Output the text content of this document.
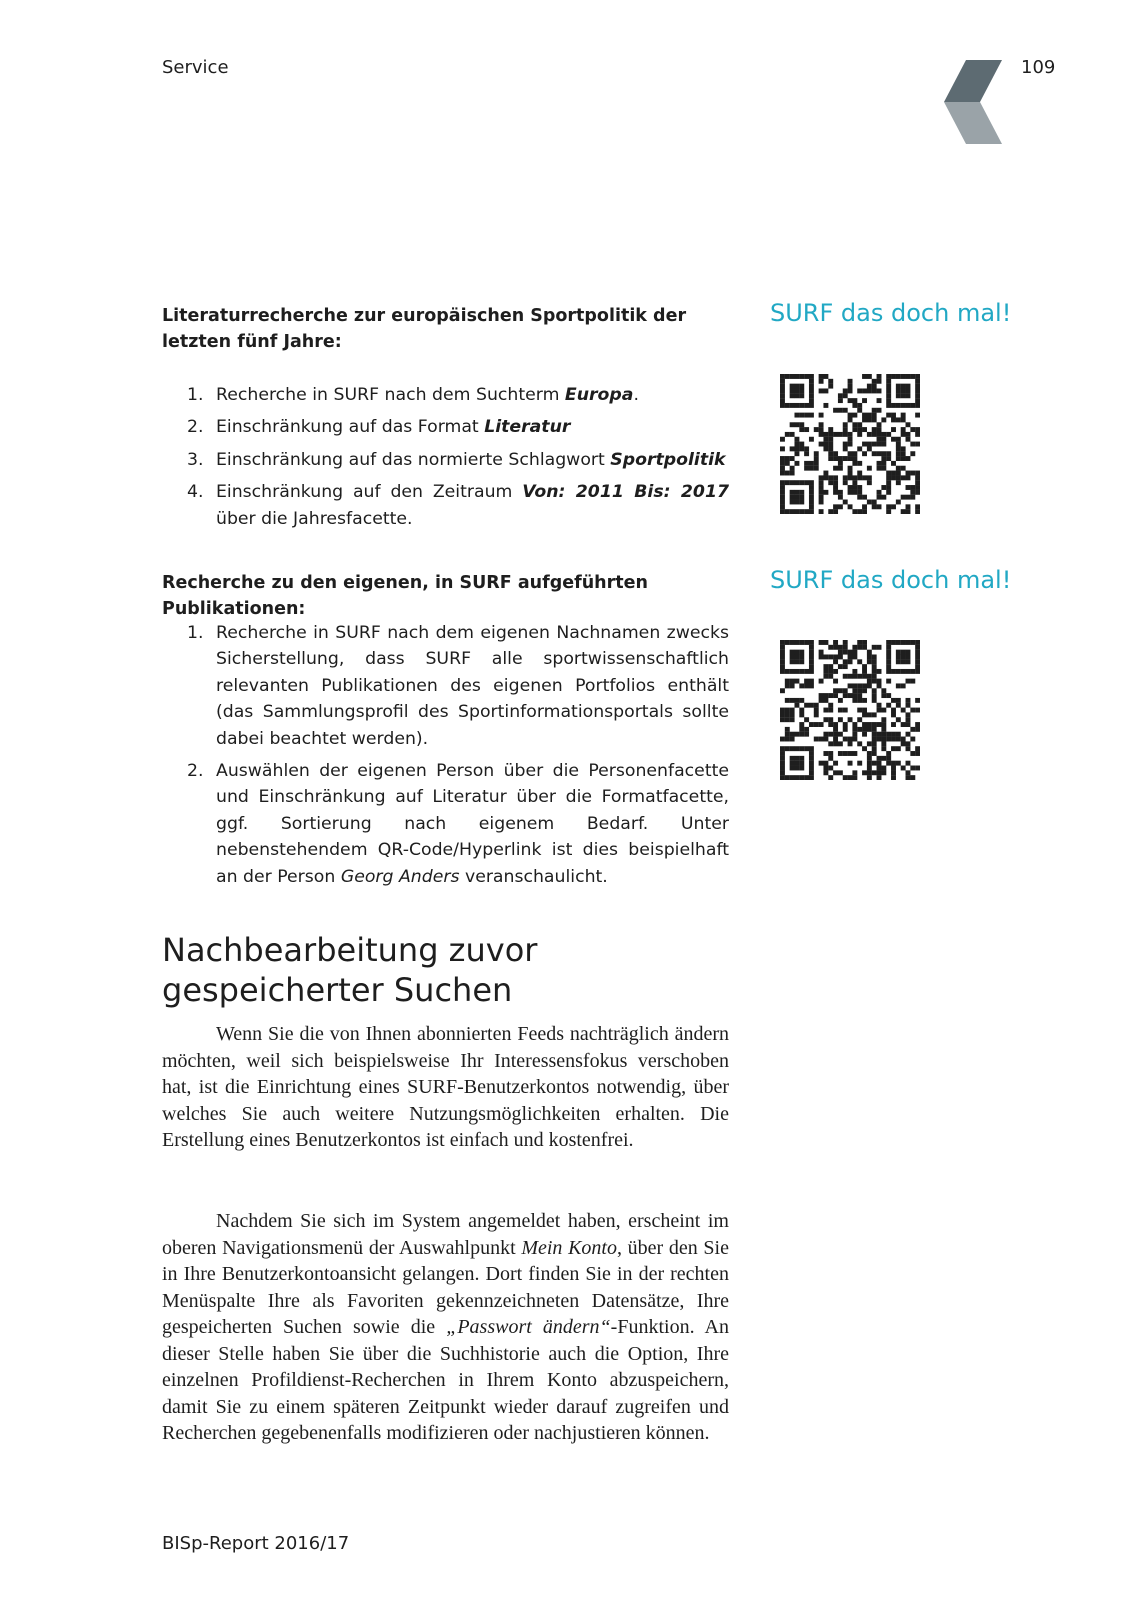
Service	109
Literaturrecherche zur europäischen Sportpolitik der letzten fünf Jahre:
SURF das doch mal!
1. Recherche in SURF nach dem Suchterm Europa.
2. Einschränkung auf das Format Literatur
3. Einschränkung auf das normierte Schlagwort Sportpolitik
4. Einschränkung auf den Zeitraum Von: 2011 Bis: 2017 über die Jahresfacette.
Recherche zu den eigenen, in SURF aufgeführten Publikationen:
SURF das doch mal!
1. Recherche in SURF nach dem eigenen Nachnamen zwecks Sicherstellung, dass SURF alle sportwissenschaftlich relevanten Publikationen des eigenen Portfolios enthält (das Sammlungsprofil des Sportinformationsportals sollte dabei beachtet werden).
2. Auswählen der eigenen Person über die Personenfacette und Einschränkung auf Literatur über die Formatfacette, ggf. Sortierung nach eigenem Bedarf. Unter nebenstehendem QR-Code/Hyperlink ist dies beispielhaft an der Person Georg Anders veranschaulicht.
Nachbearbeitung zuvor gespeicherter Suchen

Wenn Sie die von Ihnen abonnierten Feeds nachträglich ändern möchten, weil sich beispielsweise Ihr Interessensfokus verschoben hat, ist die Einrichtung eines SURF-Benutzerkontos notwendig, über welches Sie auch weitere Nutzungsmöglichkeiten erhalten. Die Erstellung eines Benutzerkontos ist einfach und kostenfrei.

Nachdem Sie sich im System angemeldet haben, erscheint im oberen Navigationsmenü der Auswahlpunkt Mein Konto, über den Sie in Ihre Benutzerkontoansicht gelangen. Dort finden Sie in der rechten Menüspalte Ihre als Favoriten gekennzeichneten Datensätze, Ihre gespeicherten Suchen sowie die „Passwort ändern“-Funktion. An dieser Stelle haben Sie über die Suchhistorie auch die Option, Ihre einzelnen Profildienst-Recherchen in Ihrem Konto abzuspeichern, damit Sie zu einem späteren Zeitpunkt wieder darauf zugreifen und Recherchen gegebenenfalls modifizieren oder nachjustieren können.

BISp-Report 2016/17
